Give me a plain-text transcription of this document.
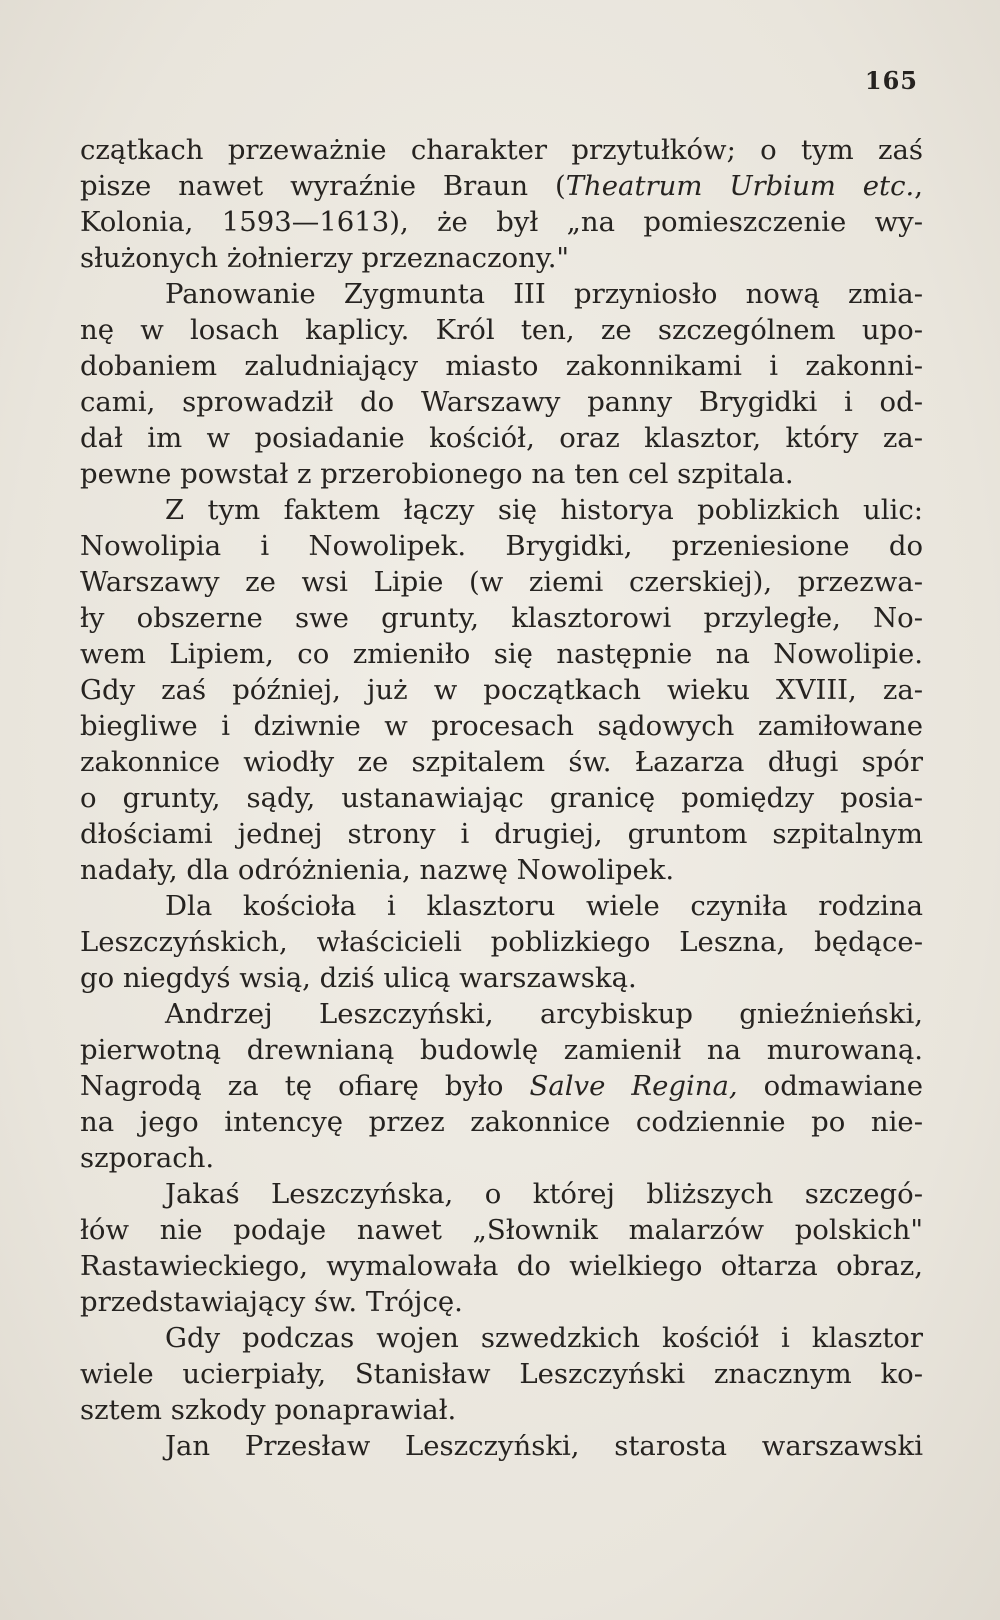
165
czątkach przeważnie charakter przytułków; o tym zaś
pisze nawet wyraźnie Braun (Theatrum Urbium etc.,
Kolonia, 1593—1613), że był „na pomieszczenie wy-
służonych żołnierzy przeznaczony."
Panowanie Zygmunta III przyniosło nową zmia-
nę w losach kaplicy. Król ten, ze szczególnem upo-
dobaniem zaludniający miasto zakonnikami i zakonni-
cami, sprowadził do Warszawy panny Brygidki i od-
dał im w posiadanie kościół, oraz klasztor, który za-
pewne powstał z przerobionego na ten cel szpitala.
Z tym faktem łączy się historya poblizkich ulic:
Nowolipia i Nowolipek. Brygidki, przeniesione do
Warszawy ze wsi Lipie (w ziemi czerskiej), przezwa-
ły obszerne swe grunty, klasztorowi przyległe, No-
wem Lipiem, co zmieniło się następnie na Nowolipie.
Gdy zaś później, już w początkach wieku XVIII, za-
biegliwe i dziwnie w procesach sądowych zamiłowane
zakonnice wiodły ze szpitalem św. Łazarza długi spór
o grunty, sądy, ustanawiając granicę pomiędzy posia-
dłościami jednej strony i drugiej, gruntom szpitalnym
nadały, dla odróżnienia, nazwę Nowolipek.
Dla kościoła i klasztoru wiele czyniła rodzina
Leszczyńskich, właścicieli poblizkiego Leszna, będące-
go niegdyś wsią, dziś ulicą warszawską.
Andrzej Leszczyński, arcybiskup gnieźnieński,
pierwotną drewnianą budowlę zamienił na murowaną.
Nagrodą za tę ofiarę było Salve Regina, odmawiane
na jego intencyę przez zakonnice codziennie po nie-
szporach.
Jakaś Leszczyńska, o której bliższych szczegó-
łów nie podaje nawet „Słownik malarzów polskich"
Rastawieckiego, wymalowała do wielkiego ołtarza obraz,
przedstawiający św. Trójcę.
Gdy podczas wojen szwedzkich kościół i klasztor
wiele ucierpiały, Stanisław Leszczyński znacznym ko-
sztem szkody ponaprawiał.
Jan Przesław Leszczyński, starosta warszawski
